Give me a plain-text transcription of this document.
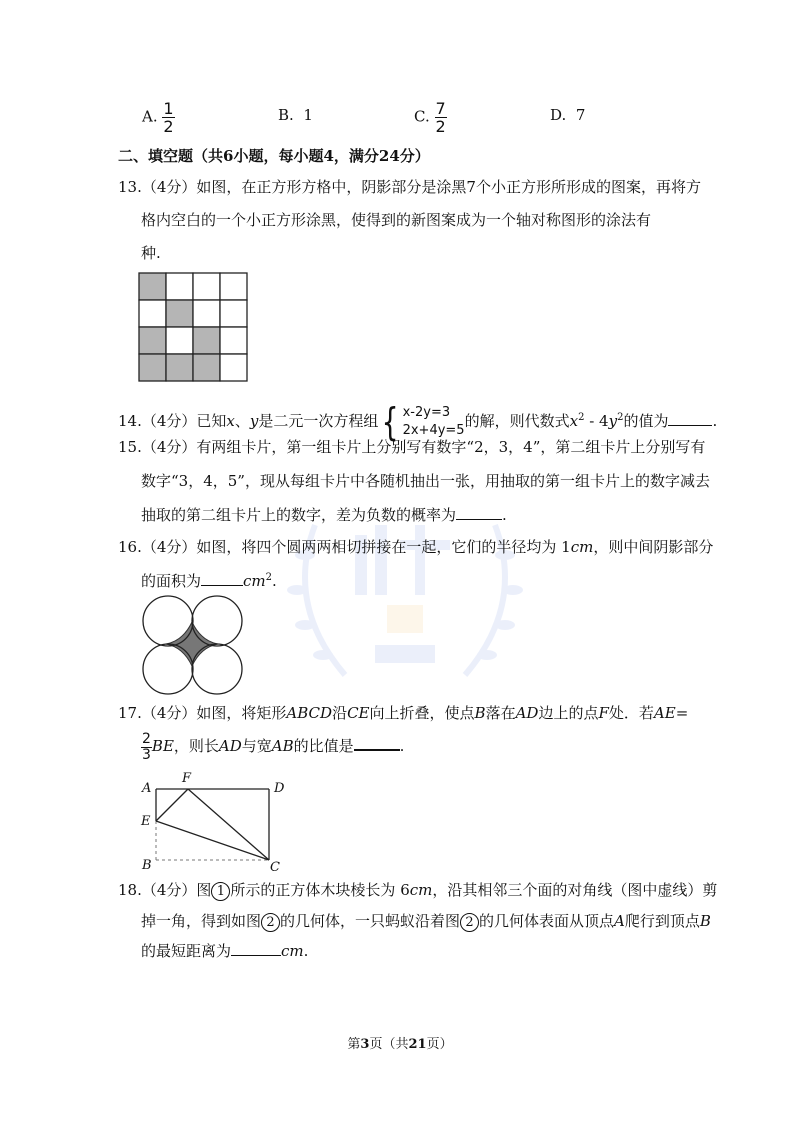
A. $\frac{1}{2}$	B. 1	C. $\frac{7}{2}$	D. 7
二、填空题（共6小题，每小题4，满分24分）
13.（4分）如图，在正方形方格中，阴影部分是涂黑7个小正方形所形成的图案，再将方
格内空白的一个小正方形涂黑，使得到的新图案成为一个轴对称图形的涂法有
种.
14.（4分）已知x、y是二元一次方程组 { x-2y=3
2x+4y=5
的解，则代数式$x^2 - 4y^2$的值为	.
15.（4分）有两组卡片，第一组卡片上分别写有数字“2，3，4”，第二组卡片上分别写有
数字“3，4，5”，现从每组卡片中各随机抽出一张，用抽取的第一组卡片上的数字减去
抽取的第二组卡片上的数字，差为负数的概率为	.
16.（4分）如图，将四个圆两两相切拼接在一起，它们的半径均为 1cm，则中间阴影部分
的面积为	$cm^2$.
17.（4分）如图，将矩形ABCD沿CE向上折叠，使点B落在AD边上的点F处．若AE=
$\frac{2}{3}$ BE，则长AD与宽AB的比值是	.
A
F
D
E
B	C
18.（4分）图 1 所示的正方体木块棱长为 6cm，沿其相邻三个面的对角线（图中虚线）剪
掉一角，得到如图 2 的几何体，一只蚂蚁沿着图 2 的几何体表面从顶点A爬行到顶点B
的最短距离为	cm.
第3页（共21页）
